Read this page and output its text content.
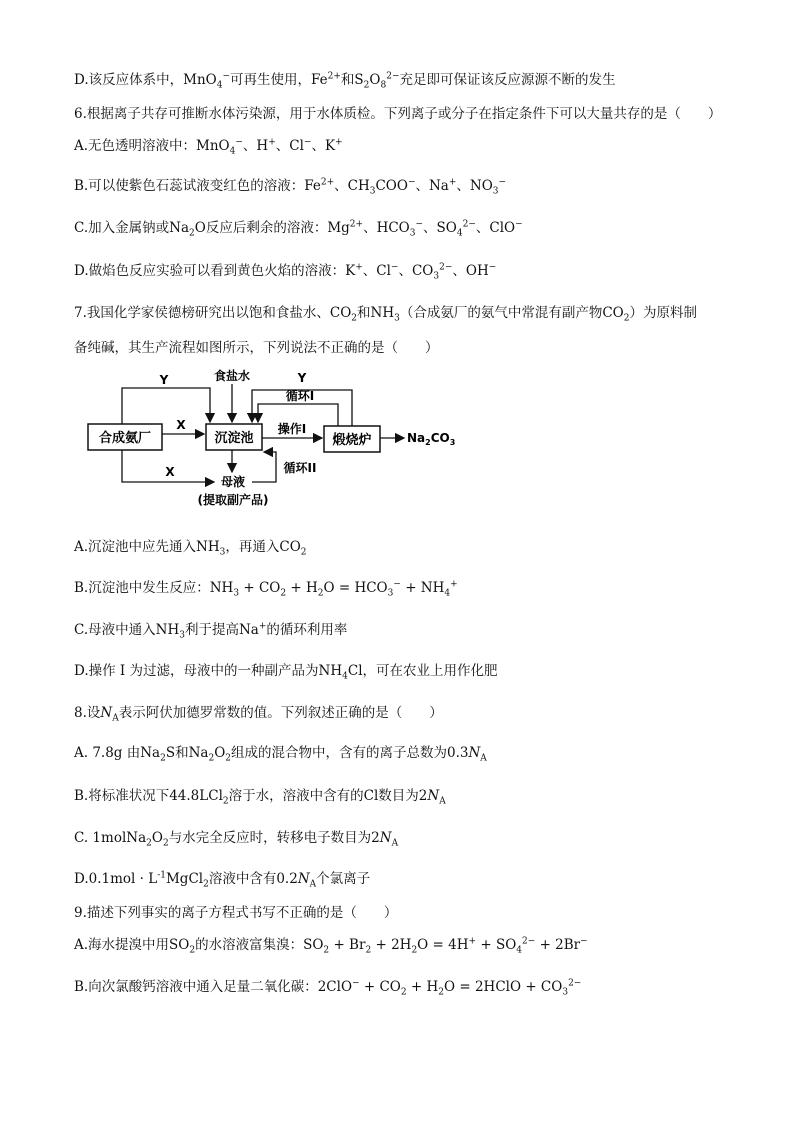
D.该反应体系中，MnO$_4$−可再生使用，$Fe^{2+}$和$S_2O_8^{2-}$充足即可保证该反应源源不断的发生
6.根据离子共存可推断水体污染源，用于水体质检。下列离子或分子在指定条件下可以大量共存的是（　　）
A.无色透明溶液中：MnO$_4$−、H+、Cl−、K+
B.可以使紫色石蕊试液变红色的溶液：$Fe^{2+}$、$CH_3COO^-$、Na+、$NO_3^-$
C.加入金属钠或$Na_2O$反应后剩余的溶液：$Mg^{2+}$、$HCO_3^-$、$SO_4^{2-}$、ClO−
D.做焰色反应实验可以看到黄色火焰的溶液：K+、Cl−、$CO_3^{2-}$、OH−
7.我国化学家侯德榜研究出以饱和食盐水、$CO_2$和$NH_3$（合成氨厂的氨气中常混有副产物$CO_2$）为原料制
备纯碱，其生产流程如图所示，下列说法不正确的是（　　）
合成氨厂	沉淀池	煅烧炉
Y	食盐水	Y
循环I
X	操作I
$Na_2CO_3$
X	循环II
母液
(提取副产品)
A.沉淀池中应先通入$NH_3$，再通入$CO_2$
B.沉淀池中发生反应：$NH_3 + CO_2 + H_2O = HCO_3^- + NH_4^+$
C.母液中通入$NH_3$利于提高Na+的循环利用率
D.操作 I 为过滤，母液中的一种副产品为$NH_4Cl$，可在农业上用作化肥
8.设$N_A$表示阿伏加德罗常数的值。下列叙述正确的是（　　）
A. 7.8g 由$Na_2S$和$Na_2O_2$组成的混合物中，含有的离子总数为$0.3N_A$
B.将标准状况下44.8LCl$_2$溶于水，溶液中含有的Cl数目为$2N_A$
C. $1molNa_2O_2$与水完全反应时，转移电子数目为$2N_A$
$D.0.1mol \cdot L^{-1}MgCl_2$溶液中含有$0.2N_A$个氯离子
9.描述下列事实的离子方程式书写不正确的是（　　）
A.海水提溴中用$SO_2$的水溶液富集溴：$SO_2 + Br_2 + 2H_2O = 4H^+ + SO_4^{2-} + 2Br^-$
B.向次氯酸钙溶液中通入足量二氧化碳：$2ClO^- + CO_2 + H_2O$ = 2HClO + $CO_3^{2-}$
